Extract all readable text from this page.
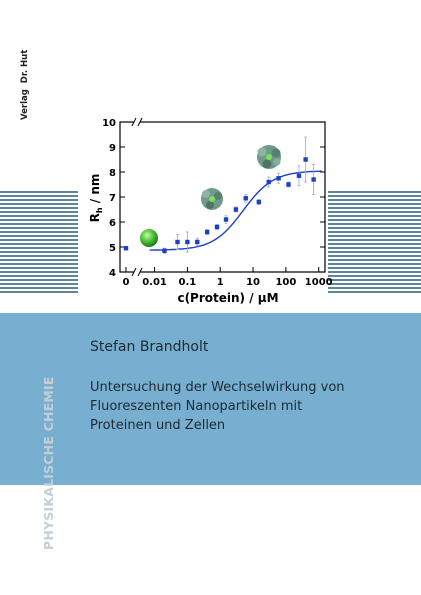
Verlag
Dr. Hut
4
5
6
7
8
9
10
0 0.01 0.1 1 10 100 1000
$R_h$ / nm
c(Protein) / µM
Stefan Brandholt
Untersuchung der Wechselwirkung von
Fluoreszenten Nanopartikeln mit
Proteinen und Zellen
PHYSIKALISCHE CHEMIE
